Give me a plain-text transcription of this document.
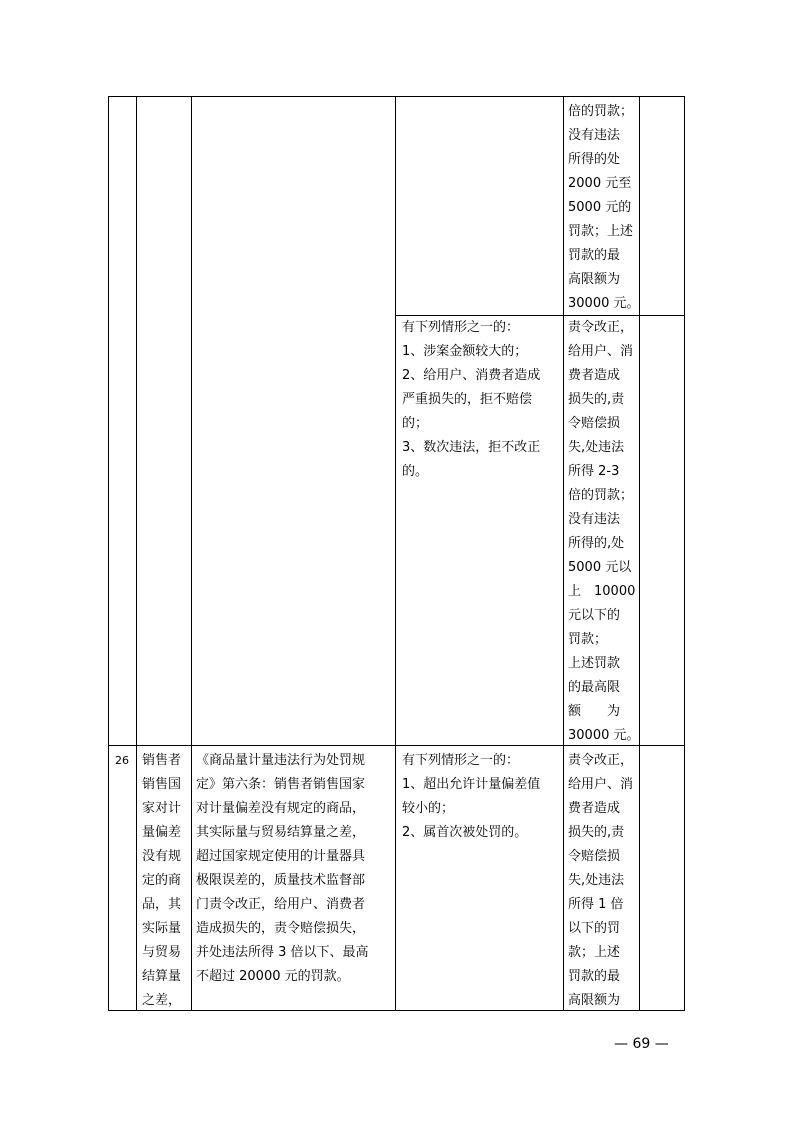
倍的罚款；
没有违法
所得的处
2000 元至
5000 元的
罚款；上述
罚款的最
高限额为
30000 元。
有下列情形之一的：
1、涉案金额较大的；
2、给用户、消费者造成
严重损失的，拒不赔偿
的；
3、数次违法，拒不改正
的。
责令改正，
给用户、消
费者造成
损失的,责
令赔偿损
失,处违法
所得 2-3
倍的罚款；
没有违法
所得的,处
5000 元以
上　10000
元以下的
罚款；
上述罚款
的最高限
额　　为
30000 元。
26 销售者
销售国
家对计
量偏差
没有规
定的商
品，其
实际量
与贸易
结算量
之差，
《商品量计量违法行为处罚规
定》第六条：销售者销售国家
对计量偏差没有规定的商品，
其实际量与贸易结算量之差，
超过国家规定使用的计量器具
极限误差的，质量技术监督部
门责令改正，给用户、消费者
造成损失的，责令赔偿损失，
并处违法所得 3 倍以下、最高
不超过 20000 元的罚款。
有下列情形之一的：
1、超出允许计量偏差值
较小的；
2、属首次被处罚的。
责令改正，
给用户、消
费者造成
损失的,责
令赔偿损
失,处违法
所得 1 倍
以下的罚
款；上述
罚款的最
高限额为
— 69 —
